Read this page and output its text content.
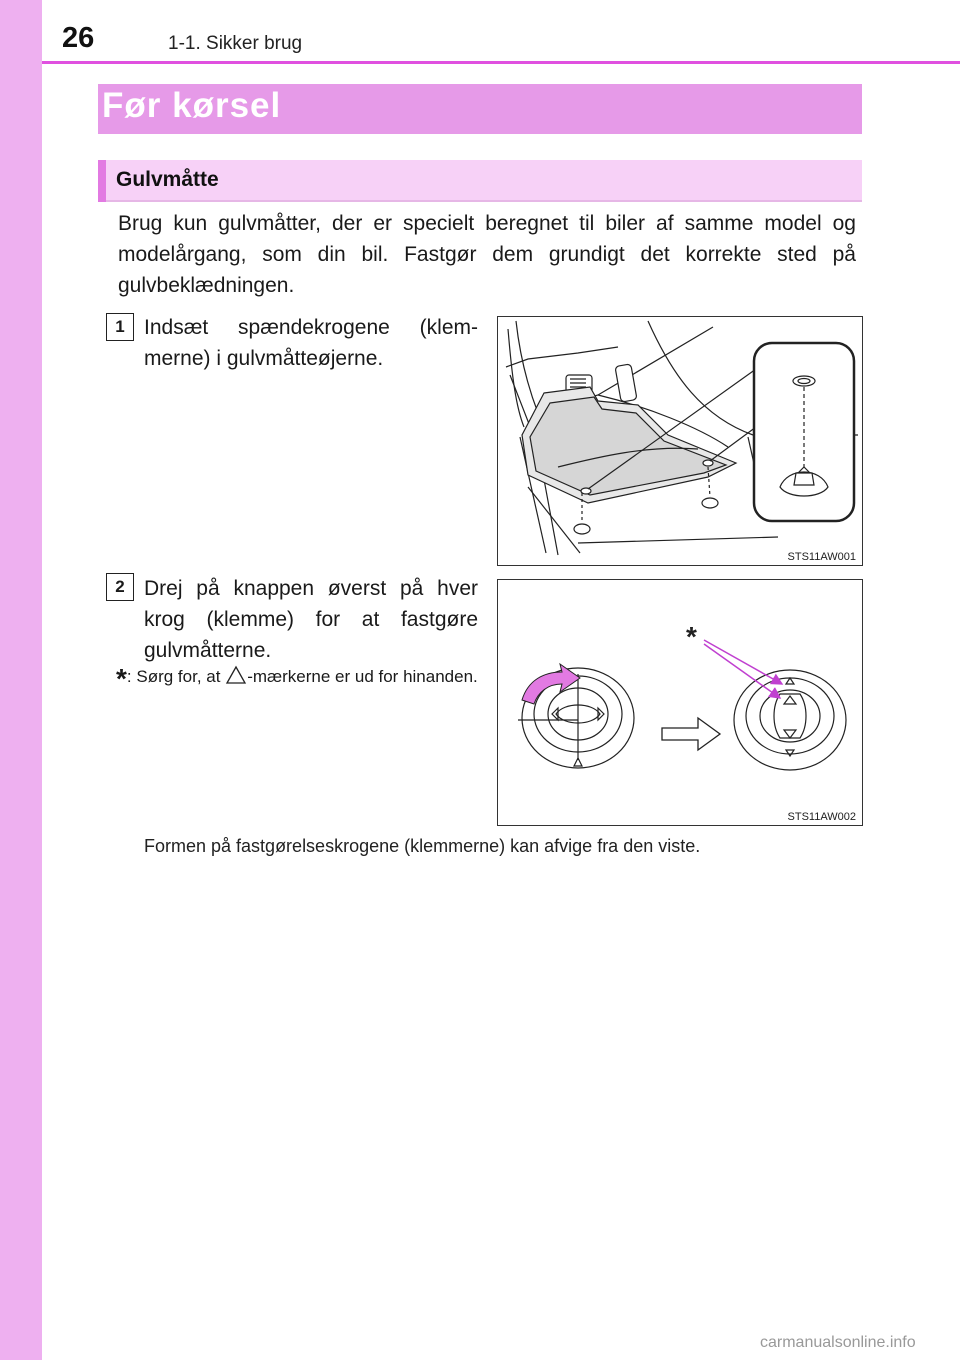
26	1-1. Sikker brug
Før kørsel
Gulvmåtte
Brug kun gulvmåtter, der er specielt beregnet til biler af samme model og modelårgang, som din bil. Fastgør dem grundigt det korrekte sted på gulvbeklædningen.
1 Indsæt spændekrogene (klem-merne) i gulvmåtteøjerne.
STS11AW001
2 Drej på knappen øverst på hver krog (klemme) for at fastgøre gulvmåtterne.
*: Sørg for, at -mærkerne er ud for hinanden.
*
STS11AW002
Formen på fastgørelseskrogene (klemmerne) kan afvige fra den viste.
carmanualsonline.info
